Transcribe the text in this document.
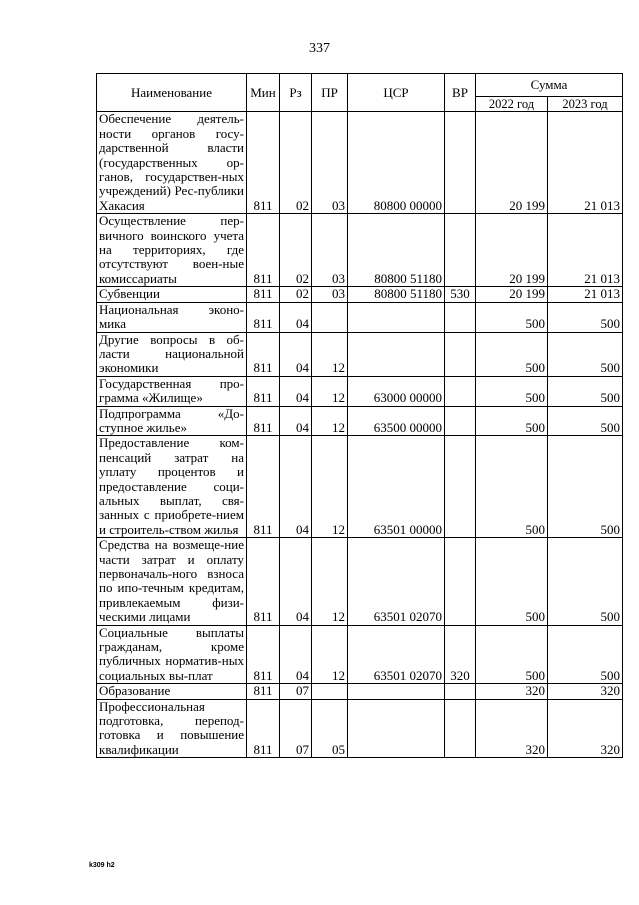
337
Наименование	Мин	Рз	ПР	ЦСР	ВР	Сумма	
						2022 год	2023 год
Обеспечение деятель-ности органов госу-дарственной власти (государственных ор-ганов, государствен-ных учреждений) Рес-публики Хакасия	811	02	03	80800 00000		20 199	21 013
Осуществление пер-вичного воинского учета на территориях, где отсутствуют воен-ные комиссариаты	811	02	03	80800 51180		20 199	21 013
Субвенции	811	02	03	80800 51180	530	20 199	21 013
Национальная эконо-мика	811	04				500	500
Другие вопросы в об-ласти национальной экономики	811	04	12			500	500
Государственная про-грамма «Жилище»	811	04	12	63000 00000		500	500
Подпрограмма «До-ступное жилье»	811	04	12	63500 00000		500	500
Предоставление ком-пенсаций затрат на уплату процентов и предоставление соци-альных выплат, свя-занных с приобрете-нием и строитель-ством жилья	811	04	12	63501 00000		500	500
Средства на возмеще-ние части затрат и оплату первоначаль-ного взноса по ипо-течным кредитам, привлекаемым физи-ческими лицами	811	04	12	63501 02070		500	500
Социальные выплаты гражданам, кроме публичных норматив-ных социальных вы-плат	811	04	12	63501 02070	320	500	500
Образование	811	07				320	320
Профессиональная подготовка, перепод-готовка и повышение квалификации	811	07	05			320	320
k309 h2
